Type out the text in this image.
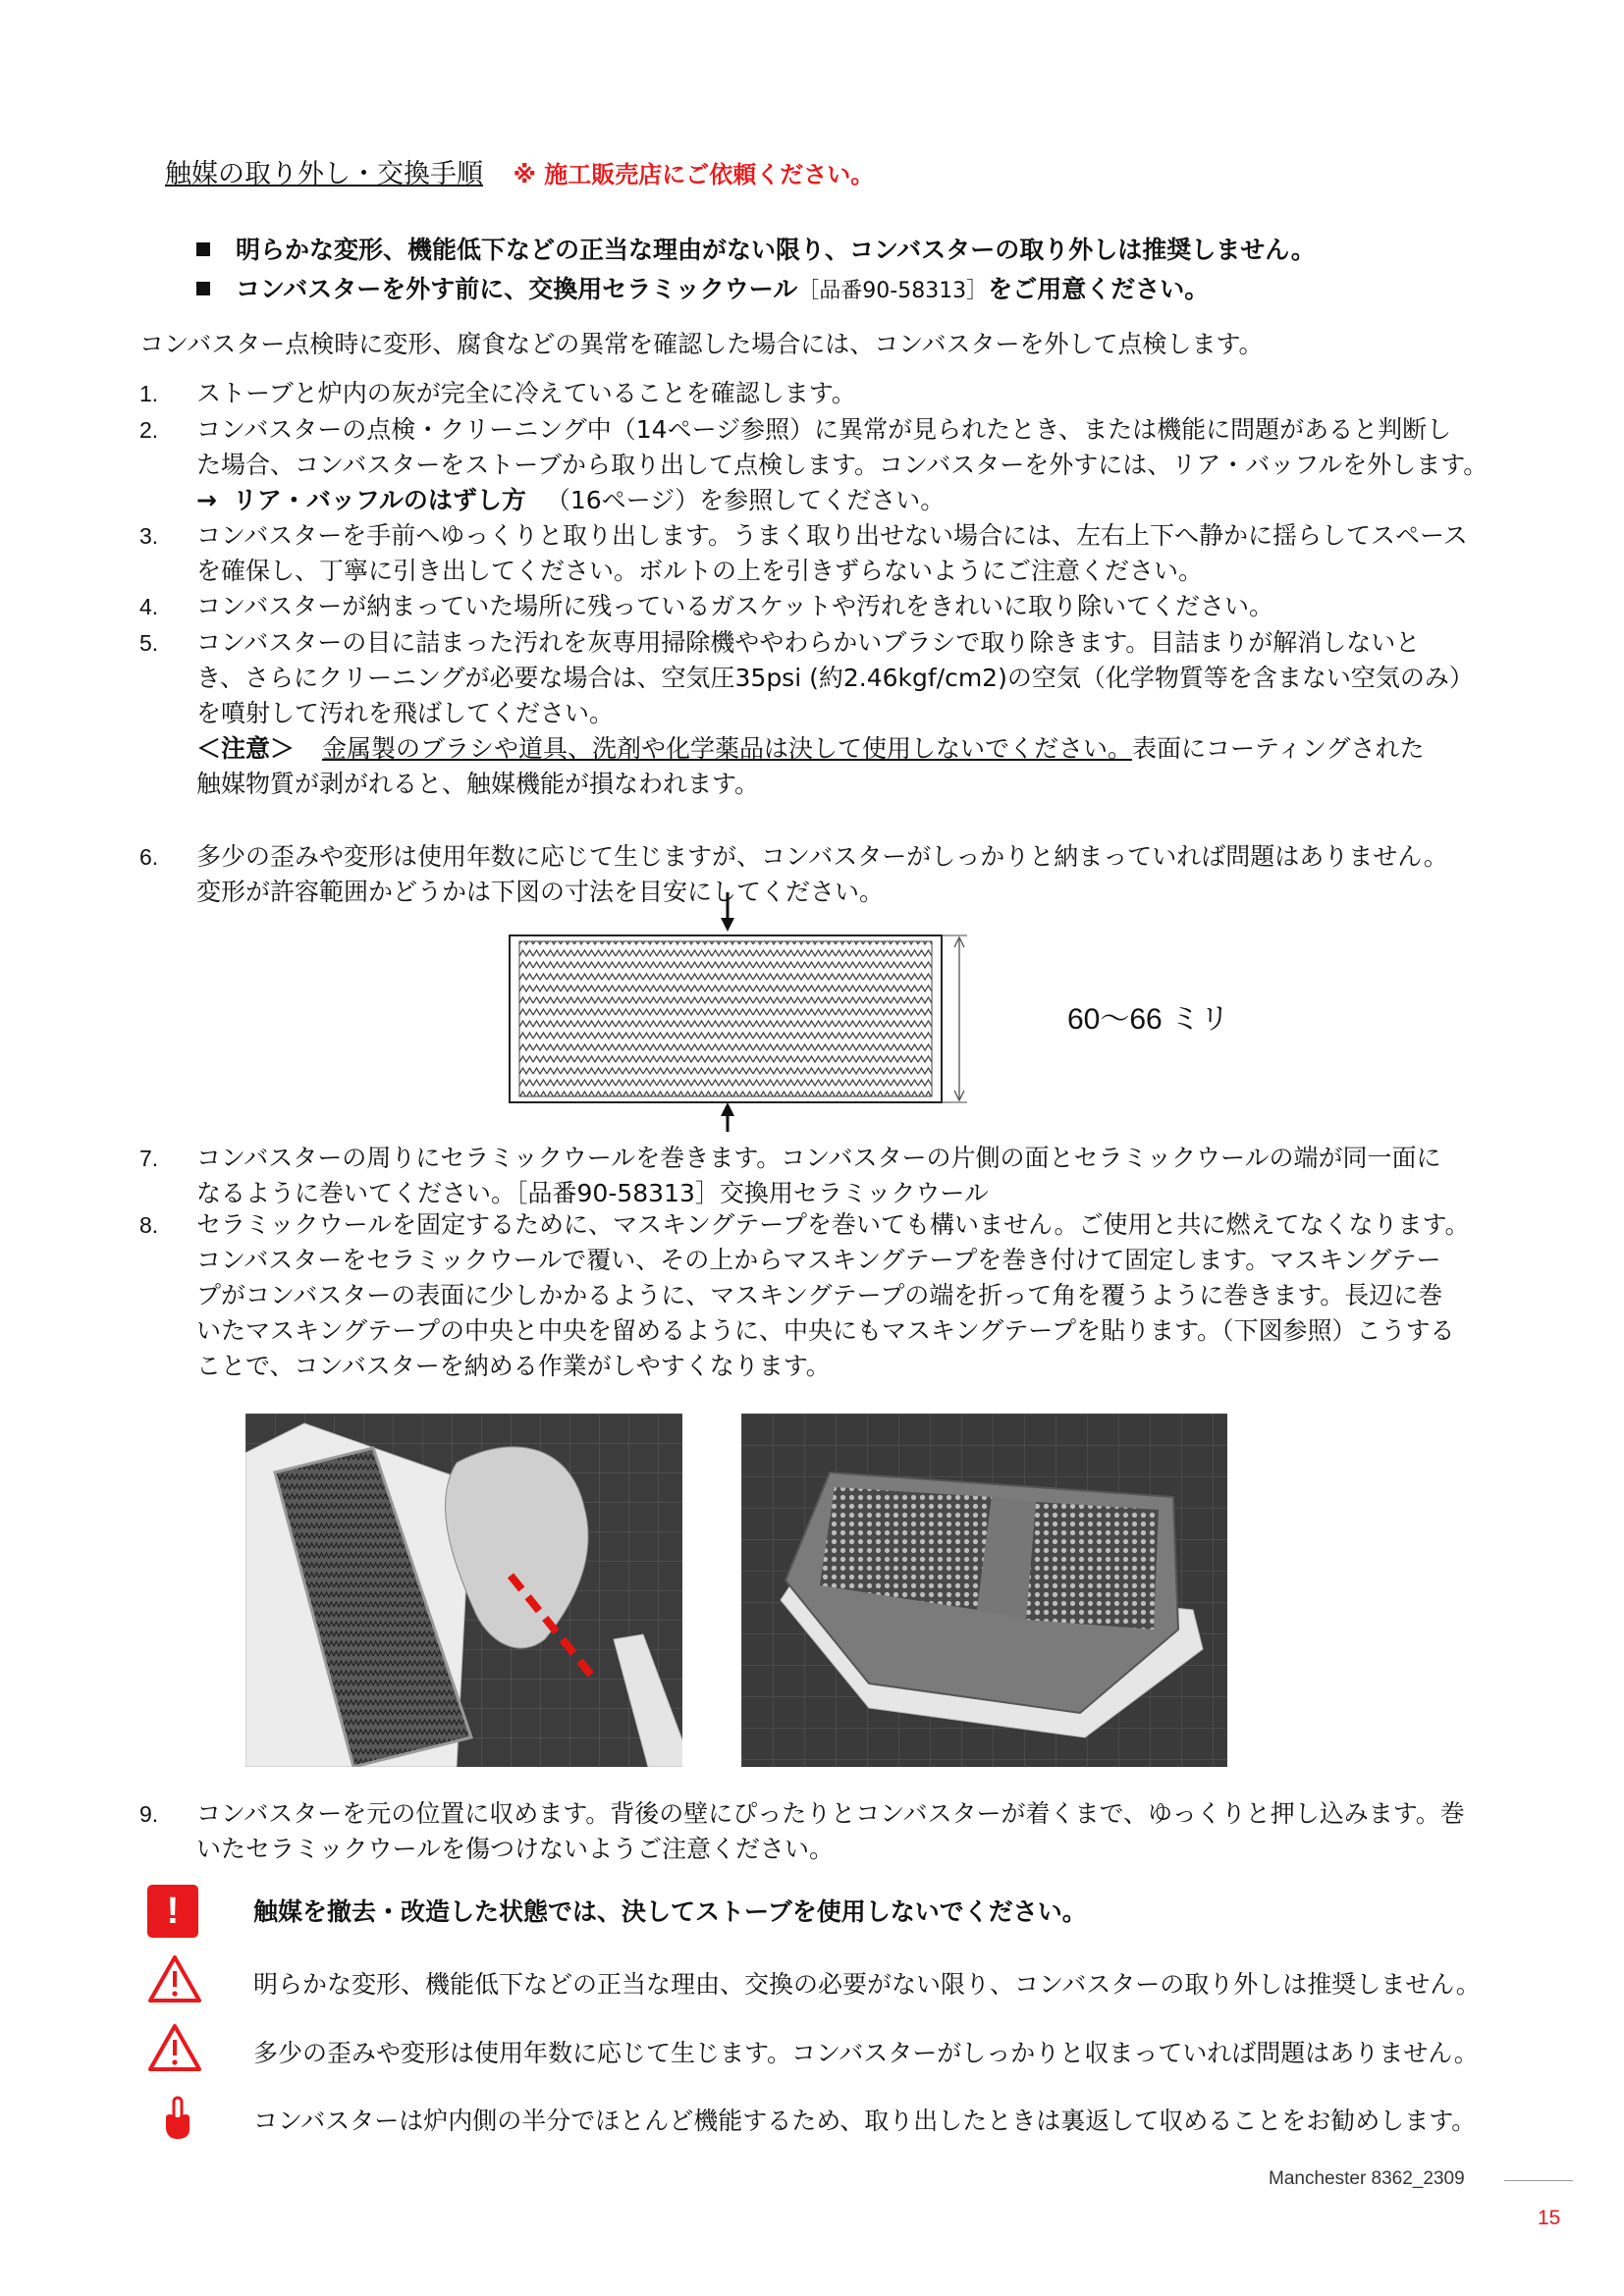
触媒の取り外し・交換手順 ※ 施工販売店にご依頼ください。
明らかな変形、機能低下などの正当な理由がない限り、コンバスターの取り外しは推奨しません。
コンバスターを外す前に、交換用セラミックウール［品番90-58313］をご用意ください。
コンバスター点検時に変形、腐食などの異常を確認した場合には、コンバスターを外して点検します。
1. ストーブと炉内の灰が完全に冷えていることを確認します。
2. コンバスターの点検・クリーニング中（14ページ参照）に異常が見られたとき、または機能に問題があると判断し
た場合、コンバスターをストーブから取り出して点検します。コンバスターを外すには、リア・バッフルを外します。
→ リア・バッフルのはずし方 （16ページ）を参照してください。
3. コンバスターを手前へゆっくりと取り出します。うまく取り出せない場合には、左右上下へ静かに揺らしてスペース
を確保し、丁寧に引き出してください。ボルトの上を引きずらないようにご注意ください。
4. コンバスターが納まっていた場所に残っているガスケットや汚れをきれいに取り除いてください。
5. コンバスターの目に詰まった汚れを灰専用掃除機ややわらかいブラシで取り除きます。目詰まりが解消しないと
き、さらにクリーニングが必要な場合は、空気圧35psi (約2.46kgf/cm2)の空気（化学物質等を含まない空気のみ）
を噴射して汚れを飛ばしてください。
＜注意＞ 金属製のブラシや道具、洗剤や化学薬品は決して使用しないでください。表面にコーティングされた
触媒物質が剥がれると、触媒機能が損なわれます。
6. 多少の歪みや変形は使用年数に応じて生じますが、コンバスターがしっかりと納まっていれば問題はありません。
変形が許容範囲かどうかは下図の寸法を目安にしてください。
60〜66 ミリ
7. コンバスターの周りにセラミックウールを巻きます。コンバスターの片側の面とセラミックウールの端が同一面に
なるように巻いてください。［品番90-58313］交換用セラミックウール
8. セラミックウールを固定するために、マスキングテープを巻いても構いません。ご使用と共に燃えてなくなります。
コンバスターをセラミックウールで覆い、その上からマスキングテープを巻き付けて固定します。マスキングテー
プがコンバスターの表面に少しかかるように、マスキングテープの端を折って角を覆うように巻きます。長辺に巻
いたマスキングテープの中央と中央を留めるように、中央にもマスキングテープを貼ります。（下図参照）こうする
ことで、コンバスターを納める作業がしやすくなります。
9. コンバスターを元の位置に収めます。背後の壁にぴったりとコンバスターが着くまで、ゆっくりと押し込みます。巻
いたセラミックウールを傷つけないようご注意ください。
!	触媒を撤去・改造した状態では、決してストーブを使用しないでください。
明らかな変形、機能低下などの正当な理由、交換の必要がない限り、コンバスターの取り外しは推奨しません。
多少の歪みや変形は使用年数に応じて生じます。コンバスターがしっかりと収まっていれば問題はありません。
コンバスターは炉内側の半分でほとんど機能するため、取り出したときは裏返して収めることをお勧めします。
Manchester 8362_2309
15
